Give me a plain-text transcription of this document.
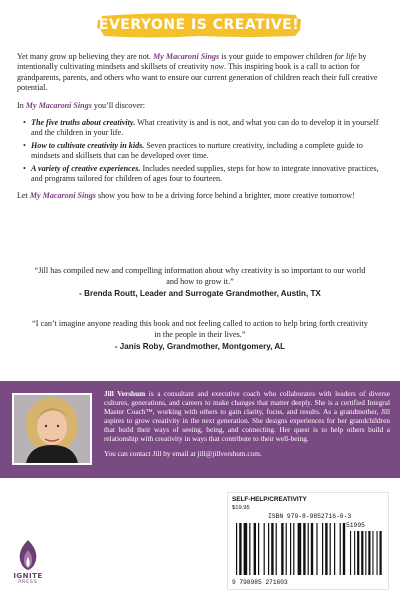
EVERYONE IS CREATIVE!

Yet many grow up believing they are not. My Macaroni Sings is your guide to empower children for life by intentionally cultivating mindsets and skillsets of creativity now. This inspiring book is a call to action for grandparents, parents, and others who want to ensure our current generation of children reach their full creative potential.

In My Macaroni Sings you’ll discover:

• The five truths about creativity. What creativity is and is not, and what you can do to develop it in yourself and the children in your life.
• How to cultivate creativity in kids. Seven practices to nurture creativity, including a complete guide to mindsets and skillsets that can be developed over time.
• A variety of creative experiences. Includes needed supplies, steps for how to integrate innovative practices, and programs tailored for children of ages four to fourteen.

Let My Macaroni Sings show you how to be a driving force behind a brighter, more creative tomorrow!

“Jill has compiled new and compelling information about why creativity is so important to our world and how to grow it.”
- Brenda Routt, Leader and Surrogate Grandmother, Austin, TX
“I can’t imagine anyone reading this book and not feeling called to action to help bring forth creativity in the people in their lives.”
- Janis Roby, Grandmother, Montgomery, AL
Jill Vershum is a consultant and executive coach who collaborates with leaders of diverse cultures, generations, and careers to make changes that matter deeply. She is a certified Integral Master Coach™, working with others to gain clarity, focus, and results. As a grandmother, Jill aspires to grow creativity in the next generation. She designs experiences for her grandchildren that build their ways of seeing, being, and connecting. Her quest is to help others build a relationship with creativity in ways that contribute to their well-being.
You can contact Jill by email at jill@jillvershum.com.
IGNITE
PRESS
SELF-HELP/CREATIVITY
$19.95
ISBN 979-8-9852716-0-3
51995
9 798985 271603
